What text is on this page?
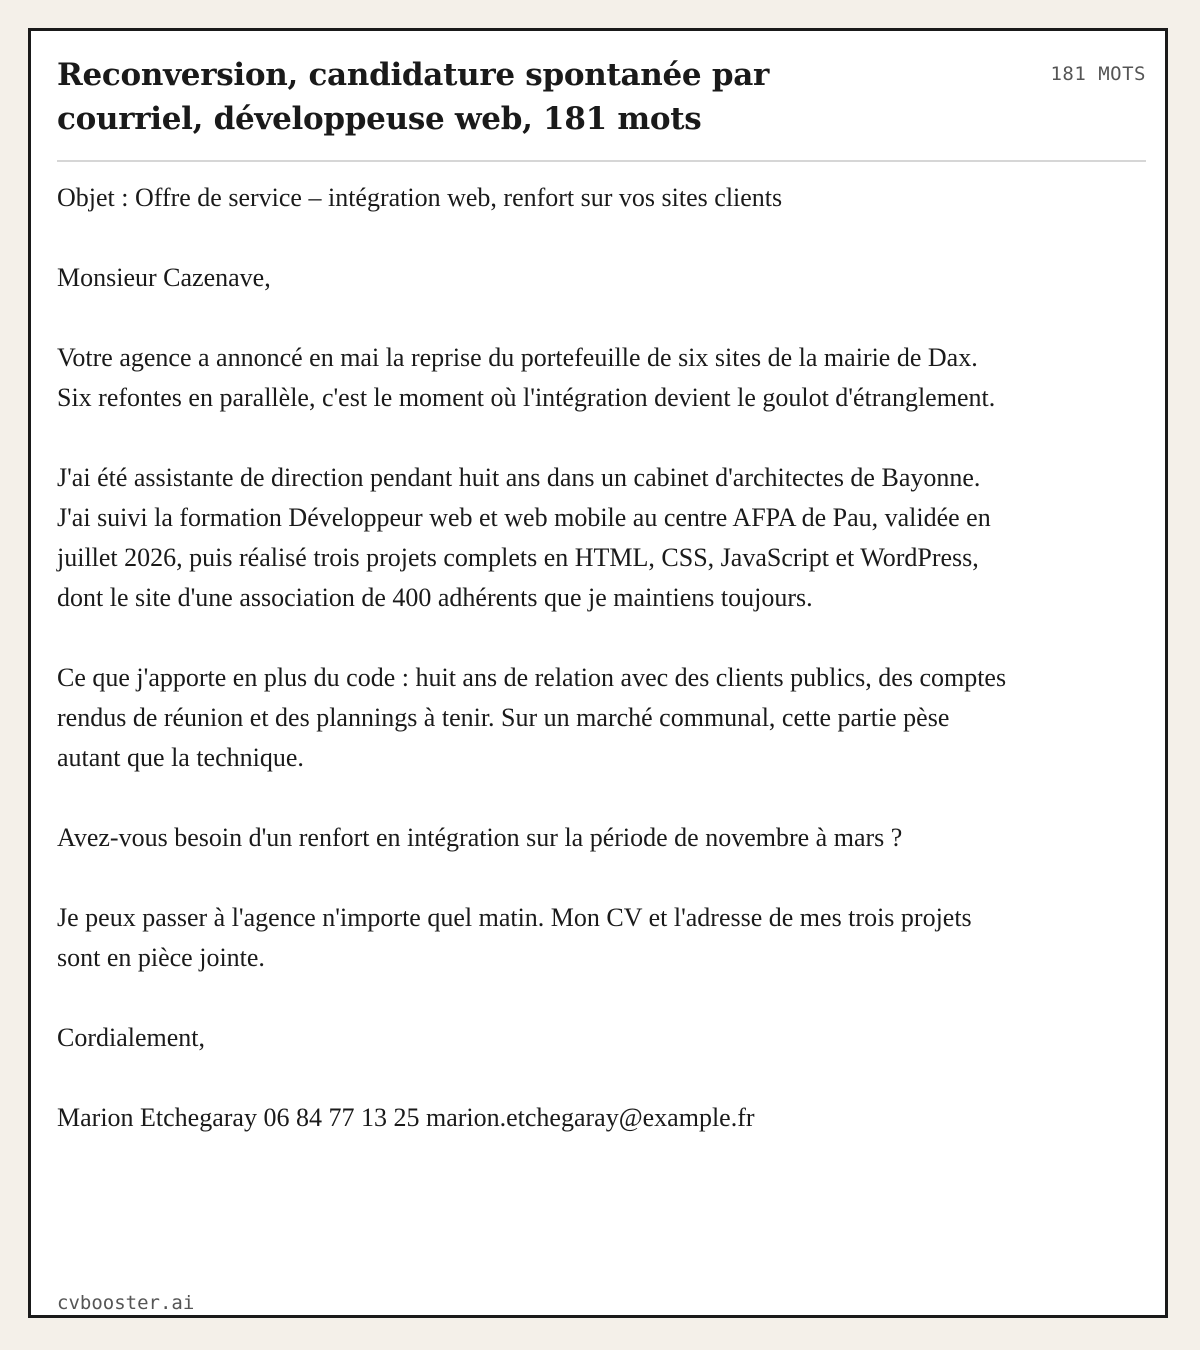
Reconversion, candidature spontanée par courriel, développeuse web, 181 mots
181 MOTS

Objet : Offre de service – intégration web, renfort sur vos sites clients

Monsieur Cazenave,

Votre agence a annoncé en mai la reprise du portefeuille de six sites de la mairie de Dax. Six refontes en parallèle, c'est le moment où l'intégration devient le goulot d'étranglement.

J'ai été assistante de direction pendant huit ans dans un cabinet d'architectes de Bayonne. J'ai suivi la formation Développeur web et web mobile au centre AFPA de Pau, validée en juillet 2026, puis réalisé trois projets complets en HTML, CSS, JavaScript et WordPress, dont le site d'une association de 400 adhérents que je maintiens toujours.

Ce que j'apporte en plus du code : huit ans de relation avec des clients publics, des comptes rendus de réunion et des plannings à tenir. Sur un marché communal, cette partie pèse autant que la technique.

Avez-vous besoin d'un renfort en intégration sur la période de novembre à mars ?

Je peux passer à l'agence n'importe quel matin. Mon CV et l'adresse de mes trois projets sont en pièce jointe.

Cordialement,

Marion Etchegaray 06 84 77 13 25 marion.etchegaray@example.fr

cvbooster.ai
